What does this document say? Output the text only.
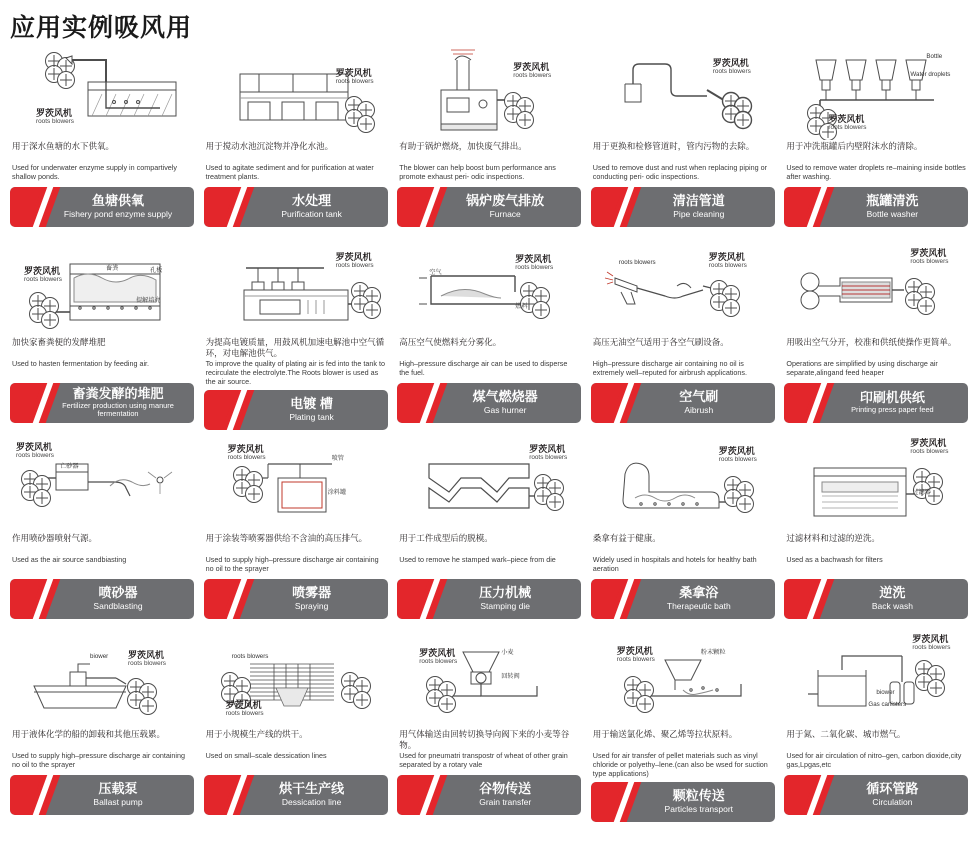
应用实例吸风用
罗茨风机
roots blowers
用于深水鱼塘的水下供氧。
Used for underwater enzyme supply in compartively shallow ponds.
鱼塘供氧
Fishery pond enzyme supply
罗茨风机
roots blowers
用于搅动水池沉淀物并净化水池。
Used to agitate sediment and for purification at water treatment plants.
水处理
Purification tank
罗茨风机
roots blowers
有助于锅炉燃烧，加快废气排出。
The blower can help boost burn performance ans promote exhaust peri- odic inspections.
锅炉废气排放
Furnace
罗茨风机
roots blowers
用于更换和检修管道时，管内污物的去除。
Used to remove dust and rust when replacing piping or conducting peri- odic inspections.
清洁管道
Pipe cleaning
Bottle
Water droplets
罗茨风机
roots blowers
用于冲洗瓶罐后内壁附沫水的清除。
Used to remove water droplets re–maining inside bottles after washing.
瓶罐清洗
Bottle washer
罗茨风机
roots blowers
畜粪	孔板
提解培亮
加快家畜粪便的发酵堆肥
Used to hasten fermentation by feeding air.
畜粪发酵的堆肥
Fertilizer production using manure fermentation
罗茨风机
roots blowers
为提高电镀质量，用鼓风机加速电解池中空气循环，对电解池供气。
To improve the quality of plating air is fed into the tank to recirculate the electrolyte.The Roots blower is used as the air source.
电镀 槽
Plating tank
罗茨风机
roots blowers
空气
燃料
高压空气使燃料充分雾化。
High–pressure discharge air can be used to disperse the fuel.
煤气燃烧器
Gas hurner
roots blowers
罗茨风机
roots blowers
高压无油空气适用于各空气刷设备。
High–pressure discharge air containing no oil is extremely well–reputed for airbrush applications.
空气刷
Aibrush
罗茨风机
roots blowers
用吸出空气分开，校准和供纸使操作更简单。
Operations are simplified by using discharge air separate,alingand feed heaper
印刷机供纸
Printing press paper feed
罗茨风机
roots blowers
亡砂器
作用喷砂器喷射气源。
Used as the air source sandbiasting
喷砂器
Sandblasting
罗茨风机
roots blowers	喷管
涂料罐
用于涂装等喷雾器供给不含油的高压排气。
Used to supply high–pressure discharge air containing no oil to the sprayer
喷雾器
Spraying
罗茨风机
roots blowers
用于工件成型后的脱模。
Used to remove he stamped wark–piece from die
压力机械
Stamping die
罗茨风机
roots blowers
桑拿有益于健康。
Widely used in hospitals and hotels for healthy bath aeration
桑拿浴
Therapeutic bath
罗茨风机
roots blowers
过滤器
过滤材料和过滤的逆洗。
Used as a bachwash for filters
逆洗
Back wash
biower 罗茨风机
roots blowers
用于液体化学的船的卸载和其他压载累。
Used to supply high–pressure discharge air containing no oil to the sprayer
压载泵
Ballast pump
roots blowers
罗茨风机
roots blowers
用于小规模生产线的烘干。
Used on small–scale dessication lines
烘干生产线
Dessication line
罗茨风机
roots blowers
小麦
回转阀
用气体输送由回转切换导向阀下来的小麦等谷物。
Used for pneumatri transpostr of wheat of other grain separated by a rotary vale
谷物传送
Grain transfer
罗茨风机
roots blowers
粉末颗粒
用于输送氯化烯、聚乙烯等拉状原料。
Used for air transfer of pellet materials such as vinyl chloride or polyethy–lene.(can also be wsed for suction type applications)
颗粒传送
Particles transport
罗茨风机
roots blowers
biower
Gas canisters
用于氮、二氧化碳、城市燃气。
Used for air circulation of nitro–gen, carbon dioxide,city gas,Lpgas,etc
循环管路
Circulation
